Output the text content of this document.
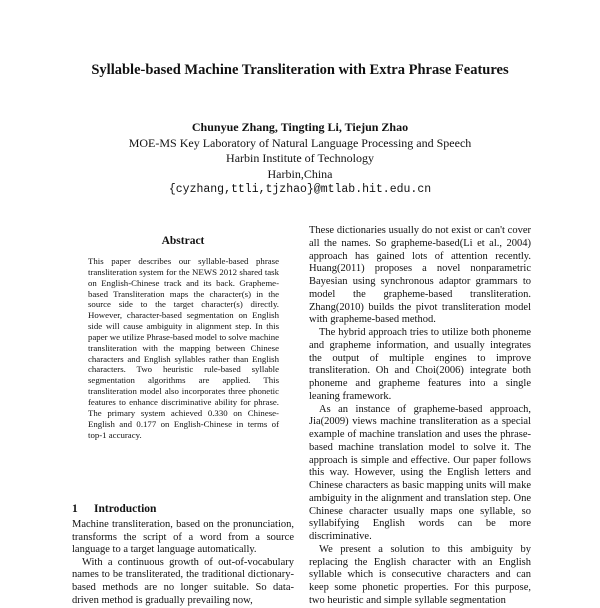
Syllable-based Machine Transliteration with Extra Phrase Features
Chunyue Zhang, Tingting Li, Tiejun Zhao
MOE-MS Key Laboratory of Natural Language Processing and Speech
Harbin Institute of Technology
Harbin,China
{cyzhang,ttli,tjzhao}@mtlab.hit.edu.cn
Abstract
This paper describes our syllable-based phrase transliteration system for the NEWS 2012 shared task on English-Chinese track and its back. Grapheme-based Transliteration maps the character(s) in the source side to the target character(s) directly. However, character-based segmentation on English side will cause ambiguity in alignment step. In this paper we utilize Phrase-based model to solve machine transliteration with the mapping between Chinese characters and English syllables rather than English characters. Two heuristic rule-based syllable segmentation algorithms are applied. This transliteration model also incorporates three phonetic features to enhance discriminative ability for phrase. The primary system achieved 0.330 on Chinese-English and 0.177 on English-Chinese in terms of top-1 accuracy.
1 Introduction

Machine transliteration, based on the pronunciation, transforms the script of a word from a source language to a target language automatically.

With a continuous growth of out-of-vocabulary names to be transliterated, the traditional dictionary-based methods are no longer suitable. So data-driven method is gradually prevailing now,

These dictionaries usually do not exist or can't cover all the names. So grapheme-based(Li et al., 2004) approach has gained lots of attention recently. Huang(2011) proposes a novel nonparametric Bayesian using synchronous adaptor grammars to model the grapheme-based transliteration. Zhang(2010) builds the pivot transliteration model with grapheme-based method.

The hybrid approach tries to utilize both phoneme and grapheme information, and usually integrates the output of multiple engines to improve transliteration. Oh and Choi(2006) integrate both phoneme and grapheme features into a single leaning framework.

As an instance of grapheme-based approach, Jia(2009) views machine transliteration as a special example of machine translation and uses the phrase-based machine translation model to solve it. The approach is simple and effective. Our paper follows this way. However, using the English letters and Chinese characters as basic mapping units will make ambiguity in the alignment and translation step. One Chinese character usually maps one syllable, so syllabifying English words can be more discriminative.

We present a solution to this ambiguity by replacing the English character with an English syllable which is consecutive characters and can keep some phonetic properties. For this purpose, two heuristic and simple syllable segmentation
